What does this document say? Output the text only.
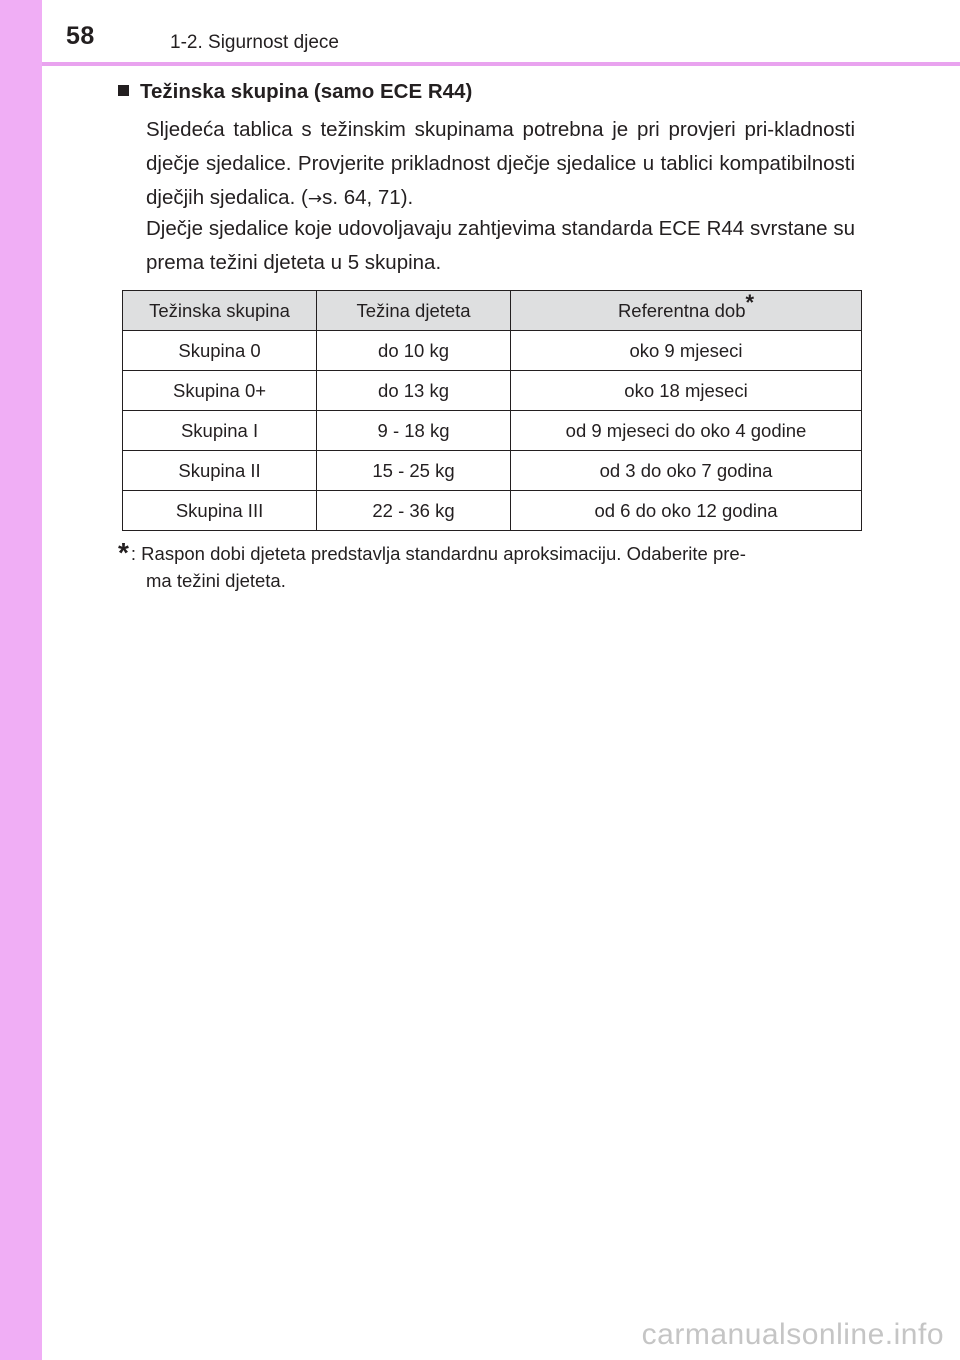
58	1-2. Sigurnost djece
Težinska skupina (samo ECE R44)
Sljedeća tablica s težinskim skupinama potrebna je pri provjeri pri-kladnosti dječje sjedalice. Provjerite prikladnost dječje sjedalice u tablici kompatibilnosti dječjih sjedalica. (→s. 64, 71).
Dječje sjedalice koje udovoljavaju zahtjevima standarda ECE R44 svrstane su prema težini djeteta u 5 skupina.
Težinska skupina	Težina djeteta	Referentna dob*
Skupina 0	do 10 kg	oko 9 mjeseci
Skupina 0+	do 13 kg	oko 18 mjeseci
Skupina I	9 - 18 kg	od 9 mjeseci do oko 4 godine
Skupina II	15 - 25 kg	od 3 do oko 7 godina
Skupina III	22 - 36 kg	od 6 do oko 12 godina
* : Raspon dobi djeteta predstavlja standardnu aproksimaciju. Odaberite pre-
ma težini djeteta.
carmanualsonline.info
